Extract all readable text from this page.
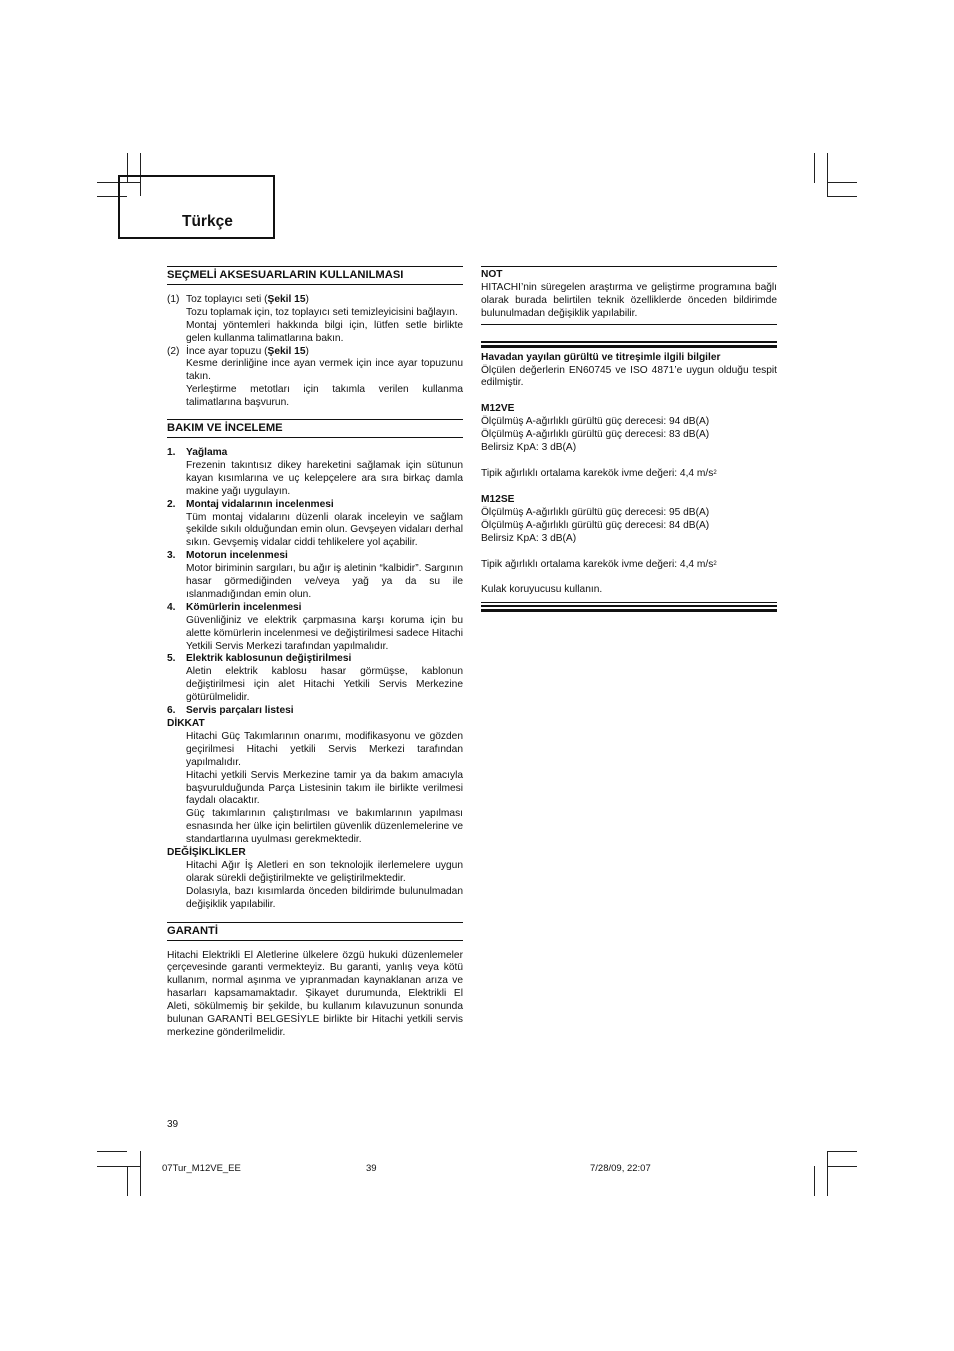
Türkçe
SEÇMELİ AKSESUARLARIN KULLANILMASI
(1) Toz toplayıcı seti (Şekil 15)
Tozu toplamak için, toz toplayıcı seti temizleyicisini bağlayın.
Montaj yöntemleri hakkında bilgi için, lütfen setle birlikte gelen kullanma talimatlarına bakın.
(2) İnce ayar topuzu (Şekil 15)
Kesme derinliğine ince ayan vermek için ince ayar topuzunu takın.
Yerleştirme metotları için takımla verilen kullanma talimatlarına başvurun.
BAKIM VE İNCELEME
1.	Yağlama
Frezenin takıntısız dikey hareketini sağlamak için sütunun kayan kısımlarına ve uç kelepçelere ara sıra birkaç damla makine yağı uygulayın.
2.	Montaj vidalarının incelenmesi
Tüm montaj vidalarını düzenli olarak inceleyin ve sağlam şekilde sıkılı olduğundan emin olun. Gevşeyen vidaları derhal sıkın. Gevşemiş vidalar ciddi tehlikelere yol açabilir.
3.	Motorun incelenmesi
Motor biriminin sargıları, bu ağır iş aletinin “kalbidir”. Sargının hasar görmediğinden ve/veya yağ ya da su ile ıslanmadığından emin olun.
4.	Kömürlerin incelenmesi
Güvenliğiniz ve elektrik çarpmasına karşı koruma için bu alette kömürlerin incelenmesi ve değiştirilmesi sadece Hitachi Yetkili Servis Merkezi tarafından yapılmalıdır.
5.	Elektrik kablosunun değiştirilmesi
Aletin elektrik kablosu hasar görmüşse, kablonun değiştirilmesi için alet Hitachi Yetkili Servis Merkezine götürülmelidir.
6.	Servis parçaları listesi
DİKKAT
Hitachi Güç Takımlarının onarımı, modifikasyonu ve gözden geçirilmesi Hitachi yetkili Servis Merkezi tarafından yapılmalıdır.
Hitachi yetkili Servis Merkezine tamir ya da bakım amacıyla başvurulduğunda Parça Listesinin takım ile birlikte verilmesi faydalı olacaktır.
Güç takımlarının çalıştırılması ve bakımlarının yapılması esnasında her ülke için belirtilen güvenlik düzenlemelerine ve standartlarına uyulması gerekmektedir.
DEĞİŞİKLİKLER
Hitachi Ağır İş Aletleri en son teknolojik ilerlemelere uygun olarak sürekli değiştirilmekte ve geliştirilmektedir.
Dolasıyla, bazı kısımlarda önceden bildirimde bulunulmadan değişiklik yapılabilir.
GARANTİ
Hitachi Elektrikli El Aletlerine ülkelere özgü hukuki düzenlemeler çerçevesinde garanti vermekteyiz. Bu garanti, yanlış veya kötü kullanım, normal aşınma ve yıpranmadan kaynaklanan arıza ve hasarları kapsamamaktadır. Şikayet durumunda, Elektrikli El Aleti, sökülmemiş bir şekilde, bu kullanım kılavuzunun sonunda bulunan GARANTİ BELGESİYLE birlikte bir Hitachi yetkili servis merkezine gönderilmelidir.
NOT
HITACHI’nin süregelen araştırma ve geliştirme programına bağlı olarak burada belirtilen teknik özelliklerde önceden bildirimde bulunulmadan değişiklik yapılabilir.
Havadan yayılan gürültü ve titreşimle ilgili bilgiler
Ölçülen değerlerin EN60745 ve ISO 4871’e uygun olduğu tespit edilmiştir.
M12VE
Ölçülmüş A-ağırlıklı gürültü güç derecesi: 94 dB(A)
Ölçülmüş A-ağırlıklı gürültü güç derecesi: 83 dB(A)
Belirsiz KpA: 3 dB(A)
Tipik ağırlıklı ortalama karekök ivme değeri: 4,4 $m/s^2$
M12SE
Ölçülmüş A-ağırlıklı gürültü güç derecesi: 95 dB(A)
Ölçülmüş A-ağırlıklı gürültü güç derecesi: 84 dB(A)
Belirsiz KpA: 3 dB(A)
Tipik ağırlıklı ortalama karekök ivme değeri: 4,4 $m/s^2$
Kulak koruyucusu kullanın.
39
07Tur_M12VE_EE	39	7/28/09, 22:07
